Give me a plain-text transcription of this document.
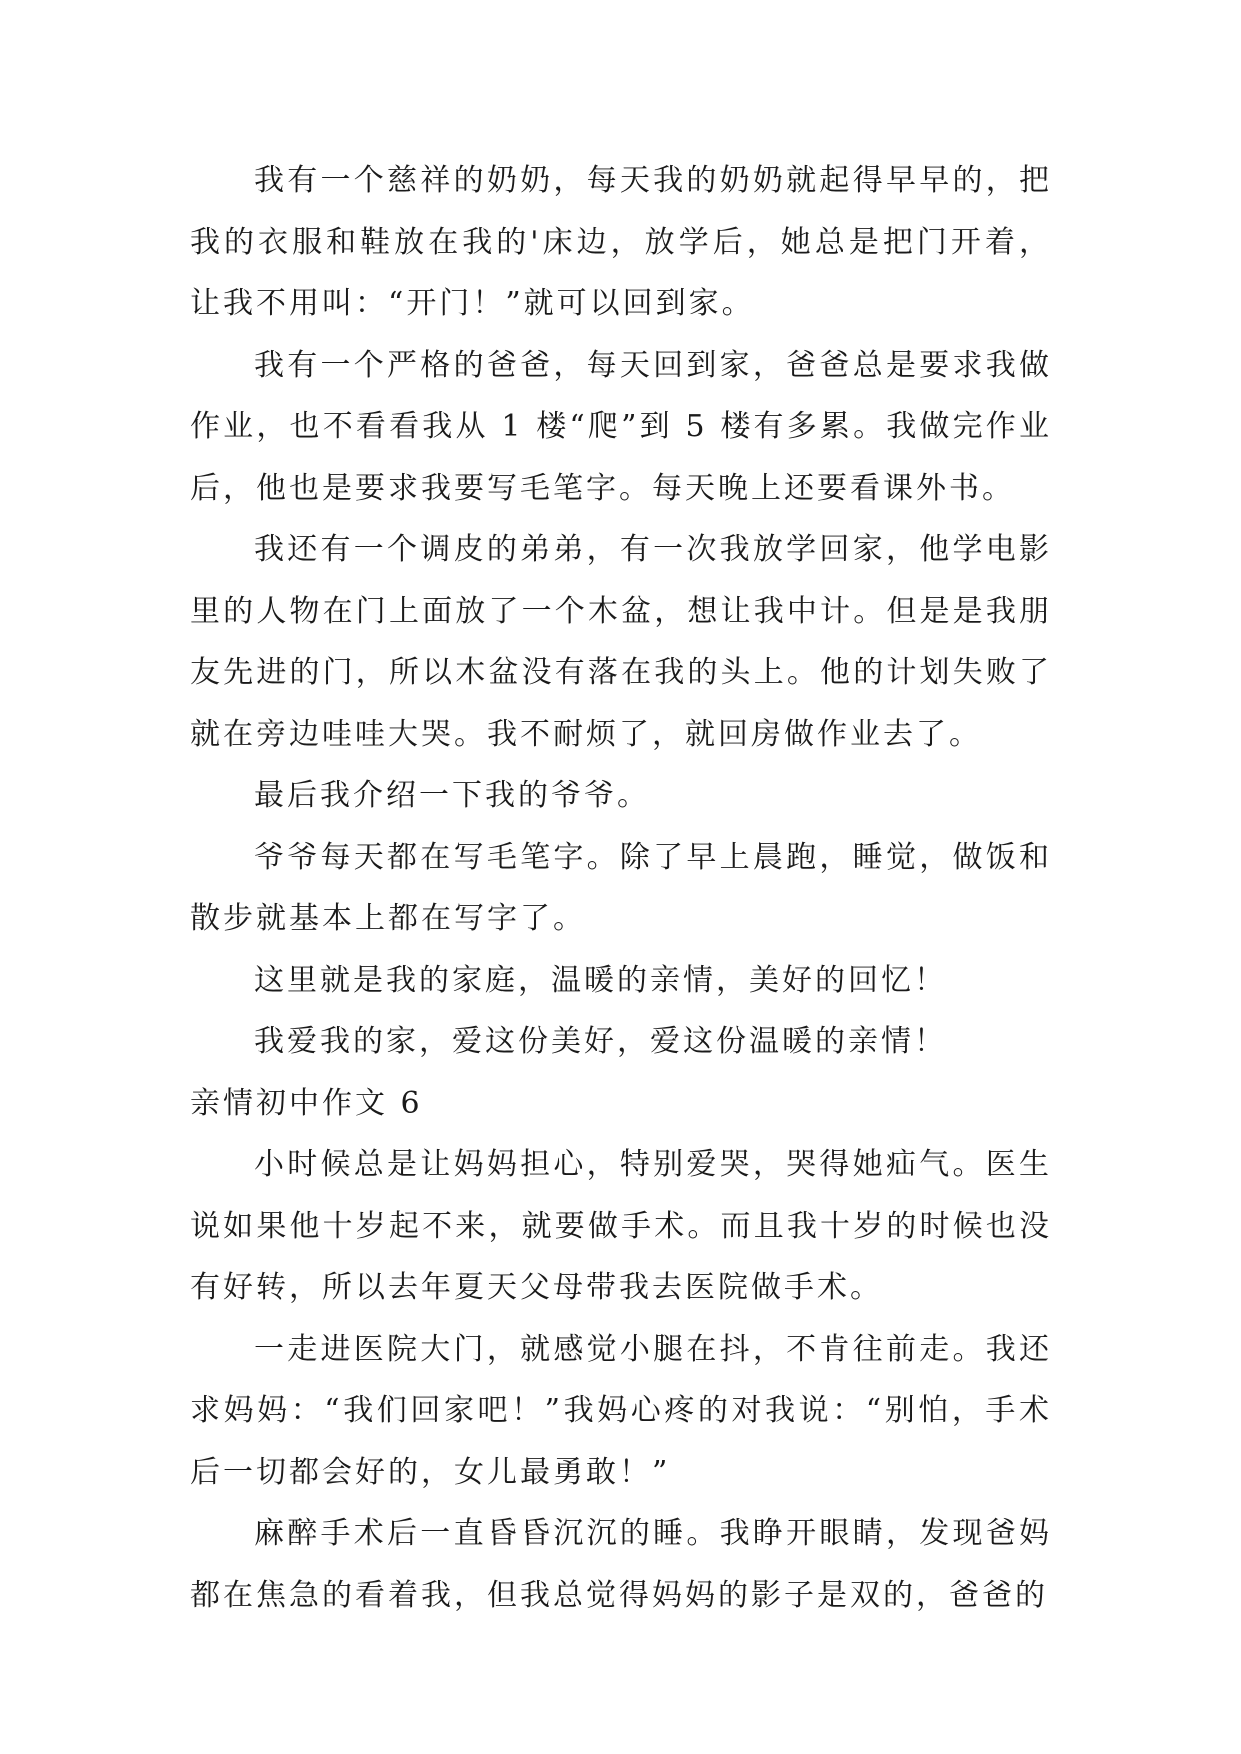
我有一个慈祥的奶奶，每天我的奶奶就起得早早的，把我的衣服和鞋放在我的'床边，放学后，她总是把门开着，让我不用叫：“开门！”就可以回到家。

我有一个严格的爸爸，每天回到家，爸爸总是要求我做作业，也不看看我从 1 楼“爬”到 5 楼有多累。我做完作业后，他也是要求我要写毛笔字。每天晚上还要看课外书。

我还有一个调皮的弟弟，有一次我放学回家，他学电影里的人物在门上面放了一个木盆，想让我中计。但是是我朋友先进的门，所以木盆没有落在我的头上。他的计划失败了就在旁边哇哇大哭。我不耐烦了，就回房做作业去了。

最后我介绍一下我的爷爷。

爷爷每天都在写毛笔字。除了早上晨跑，睡觉，做饭和散步就基本上都在写字了。

这里就是我的家庭，温暖的亲情，美好的回忆！

我爱我的家，爱这份美好，爱这份温暖的亲情！

亲情初中作文 6

小时候总是让妈妈担心，特别爱哭，哭得她疝气。医生说如果他十岁起不来，就要做手术。而且我十岁的时候也没有好转，所以去年夏天父母带我去医院做手术。

一走进医院大门，就感觉小腿在抖，不肯往前走。我还求妈妈：“我们回家吧！”我妈心疼的对我说：“别怕，手术后一切都会好的，女儿最勇敢！”

麻醉手术后一直昏昏沉沉的睡。我睁开眼睛，发现爸妈都在焦急的看着我，但我总觉得妈妈的影子是双的，爸爸的
